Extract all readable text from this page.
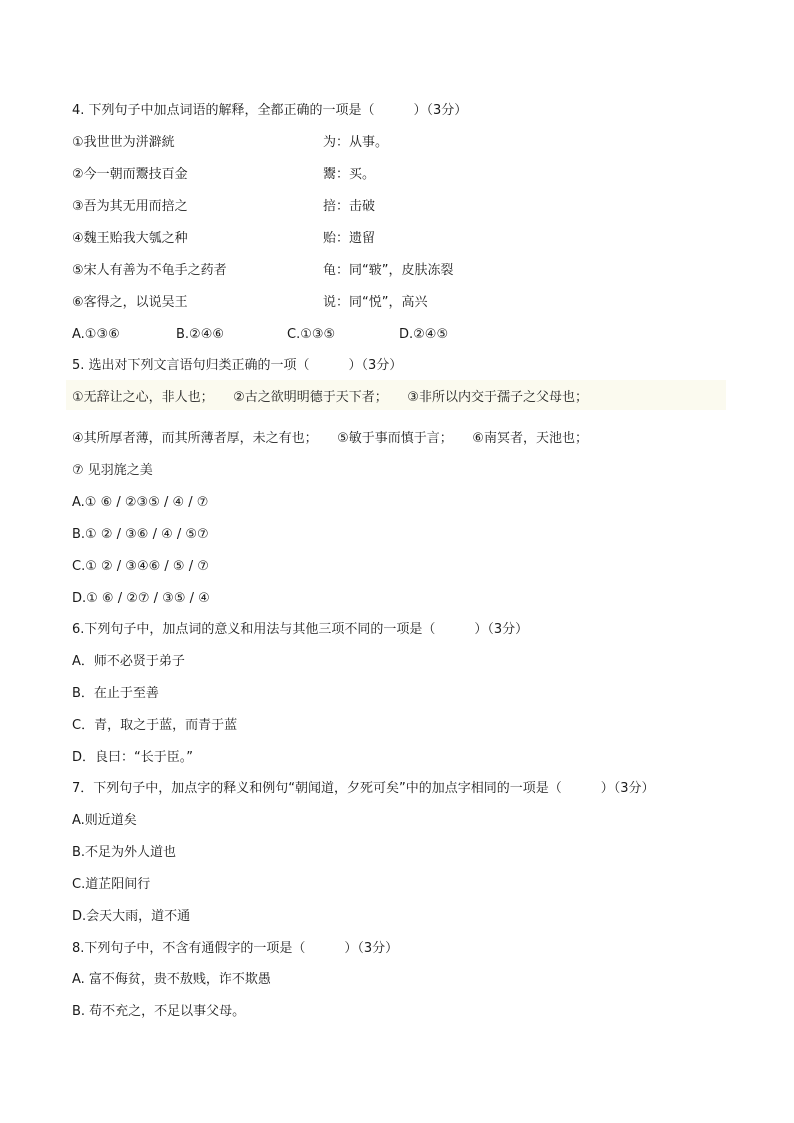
4. 下列句子中加点词语的解释，全都正确的一项是（　　　）（3分）
①我世世为洴澼絖	为：从事。
②今一朝而鬻技百金	鬻：买。
③吾为其无用而掊之	掊：击破
④魏王贻我大瓠之种	贻：遗留
⑤宋人有善为不龟手之药者	龟：同“皲”，皮肤冻裂
⑥客得之，以说吴王	说：同“悦”，高兴
A.①③⑥	B.②④⑥	C.①③⑤	D.②④⑤
5. 选出对下列文言语句归类正确的一项（　　　）（3分）
①无辞让之心，非人也；　　②古之欲明明德于天下者；　　③非所以内交于孺子之父母也；
④其所厚者薄，而其所薄者厚，未之有也；　　⑤敏于事而慎于言；　　⑥南冥者，天池也；
⑦ 见羽旄之美
A.① ⑥ / ②③⑤ / ④ / ⑦
B.① ② / ③⑥ / ④ / ⑤⑦
C.① ② / ③④⑥ / ⑤ / ⑦
D.① ⑥ / ②⑦ / ③⑤ / ④
6.下列句子中，加点词的意义和用法与其他三项不同的一项是（　　　）（3分）
A．师不必贤于弟子
B．在止于至善
C．青，取之于蓝，而青于蓝
D．良曰：“长于臣。”
7．下列句子中，加点字的释义和例句“朝闻道，夕死可矣”中的加点字相同的一项是（　　　）（3分）
A.则近道矣
B.不足为外人道也
C.道芷阳间行
D.会天大雨，道不通
8.下列句子中，不含有通假字的一项是（　　　）（3分）
A. 富不侮贫，贵不敖贱，诈不欺愚
B. 苟不充之，不足以事父母。
